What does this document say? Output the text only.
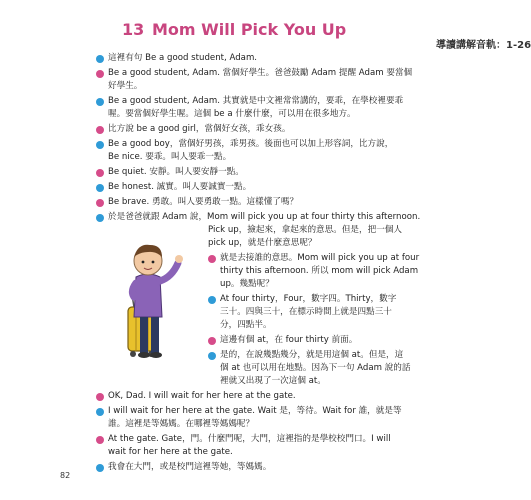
13 Mom Will Pick You Up
導讀講解音軌：1-26
這裡有句 Be a good student, Adam.
Be a good student, Adam. 當個好學生。爸爸鼓勵 Adam 提醒 Adam 要當個
好學生。
Be a good student, Adam. 其實就是中文裡常常講的，要乖，在學校裡要乖
喔。要當個好學生喔。這個 be a 什麼什麼，可以用在很多地方。
比方說 be a good girl，當個好女孩，乖女孩。
Be a good boy，當個好男孩，乖男孩。後面也可以加上形容詞，比方說，
Be nice. 要乖。叫人要乖一點。
Be quiet. 安靜。叫人要安靜一點。
Be honest. 誠實。叫人要誠實一點。
Be brave. 勇敢。叫人要勇敢一點。這樣懂了嗎？
於是爸爸就跟 Adam 說，Mom will pick you up at four thirty this afternoon.
Pick up，撿起來，拿起來的意思。但是，把一個人
pick up，就是什麼意思呢？
就是去接誰的意思。Mom will pick you up at four
thirty this afternoon. 所以 mom will pick Adam
up。幾點呢？
At four thirty，Four，數字四。Thirty，數字
三十。四與三十，在標示時間上就是四點三十
分，四點半。
這邊有個 at，在 four thirty 前面。
是的，在說幾點幾分，就是用這個 at。但是，這
個 at 也可以用在地點。因為下一句 Adam 說的話
裡就又出現了一次這個 at。
OK, Dad. I will wait for her here at the gate.
I will wait for her here at the gate. Wait 是，等待。Wait for 誰，就是等
誰。這裡是等媽媽。在哪裡等媽媽呢？
At the gate. Gate，門。什麼門呢，大門，這裡指的是學校校門口。I will
wait for her here at the gate.
我會在大門，或是校門這裡等她，等媽媽。
82
